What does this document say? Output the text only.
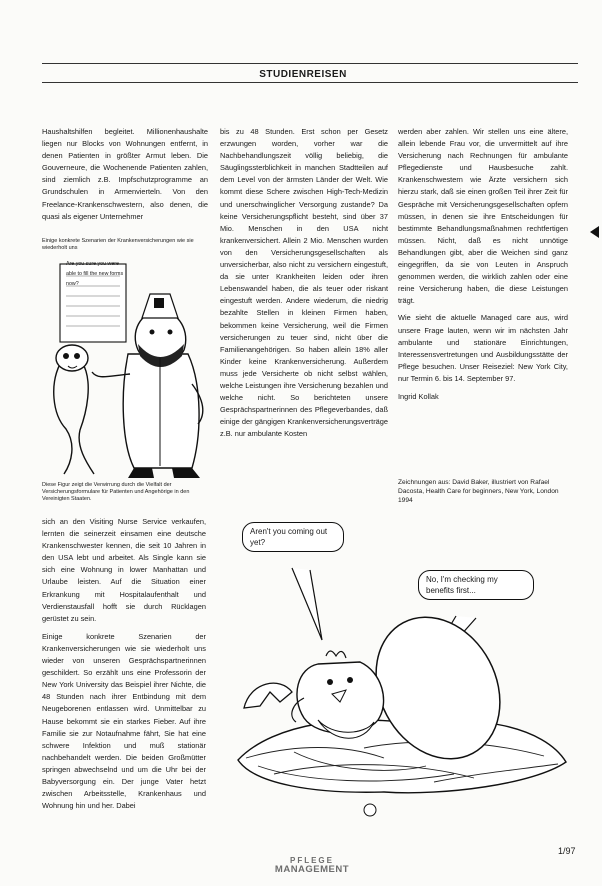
STUDIENREISEN
Haushaltshilfen begleitet. Millionenhaushalte liegen nur Blocks von Wohnungen entfernt, in denen Patienten in größter Armut leben. Die Gouverneure, die Wochenende Patienten zahlen, sind ziemlich z.B. Impfschutzprogramme an Grundschulen in Armenvierteln. Von den Freelance-Krankenschwestern, also denen, die quasi als eigener Unternehmer
bis zu 48 Stunden. Erst schon per Gesetz erzwungen worden, vorher war die Nachbehandlungszeit völlig beliebig, die Säuglingssterblichkeit in manchen Stadtteilen auf dem Level von der ärmsten Länder der Welt. Wie kommt diese Schere zwischen High-Tech-Medizin und unerschwinglicher Versorgung zustande? Da keine Versicherungspflicht besteht, sind über 37 Mio. Menschen in den USA nicht krankenversichert. Allein 2 Mio. Menschen wurden von den Versicherungsgesellschaften als unversicherbar, also nicht zu versichern eingestuft, da sie unter Krankheiten leiden oder ihren Lebenswandel haben, die als teuer oder riskant eingestuft werden. Andere wiederum, die niedrig bezahlte Stellen in kleinen Firmen haben, bekommen keine Versicherung, weil die Firmen versicherungen zu teuer sind, nicht über die Familienangehörigen. So haben allein 18% aller Kinder keine Krankenversicherung. Außerdem muss jede Versicherte ob nicht selbst wählen, welche Leistungen ihre Versicherung bezahlen und welche nicht. So berichteten unsere Gesprächspartnerinnen des Pflegeverbandes, daß einige der gängigen Krankenversicherungsverträge z.B. nur ambulante Kosten

werden aber zahlen. Wir stellen uns eine ältere, allein lebende Frau vor, die unvermittelt auf ihre Versicherung nach Rechnungen für ambulante Pflegedienste und Hausbesuche zahlt. Krankenschwestern wie Ärzte versichern sich hierzu stark, daß sie einen großen Teil ihrer Zeit für Gespräche mit Versicherungsgesellschaften opfern müssen, in denen sie ihre Entscheidungen für bestimmte Behandlungsmaßnahmen rechtfertigen müssen. Nicht, daß es nicht unnötige Behandlungen gibt, aber die Weichen sind ganz eingegriffen, da sie von Leuten in Anspruch genommen werden, die wirklich zahlen oder eine reine Versicherung haben, die diese Leistungen trägt.

Wie sieht die aktuelle Managed care aus, wird unsere Frage lauten, wenn wir im nächsten Jahr ambulante und stationäre Einrichtungen, Interessensvertretungen und Ausbildungsstätte der Pflege besuchen. Unser Reiseziel: New York City, nur Termin 6. bis 14. September 97.

Ingrid Kollak

Zeichnungen aus: David Baker, illustriert von Rafael Dacosta, Health Care for beginners, New York, London 1994
Einige konkrete Szenarien der Krankenversicherungen wie sie wiederholt uns
Diese Figur zeigt die Verwirrung durch die Vielfalt der Versicherungsformulare für Patienten und Angehörige in den Vereinigten Staaten.
Are you sure you were able to fill the new forms now?

sich an den Visiting Nurse Service verkaufen, lernten die seinerzeit einsamen eine deutsche Krankenschwester kennen, die seit 10 Jahren in den USA lebt und arbeitet. Als Single kann sie sich eine Wohnung in lower Manhattan und Urlaube leisten. Auf die Situation einer Erkrankung mit Hospitalaufenthalt und Verdienstausfall hofft sie durch Rücklagen gerüstet zu sein.

Einige konkrete Szenarien der Krankenversicherungen wie sie wiederholt uns wieder von unseren Gesprächspartnerinnen geschildert. So erzählt uns eine Professorin der New York University das Beispiel ihrer Nichte, die 48 Stunden nach ihrer Entbindung mit dem Neugeborenen entlassen wird. Unmittelbar zu Hause bekommt sie ein starkes Fieber. Auf ihre Familie sie zur Notaufnahme fährt, Sie hat eine schwere Infektion und muß stationär nachbehandelt werden. Die beiden Großmütter springen abwechselnd und um die Uhr bei der Babyversorgung ein. Der junge Vater hetzt zwischen Arbeitsstelle, Krankenhaus und Wohnung hin und her. Dabei

Aren't you coming out yet?
No, I'm checking my benefits first...
PFLEGE
MANAGEMENT
1/97
